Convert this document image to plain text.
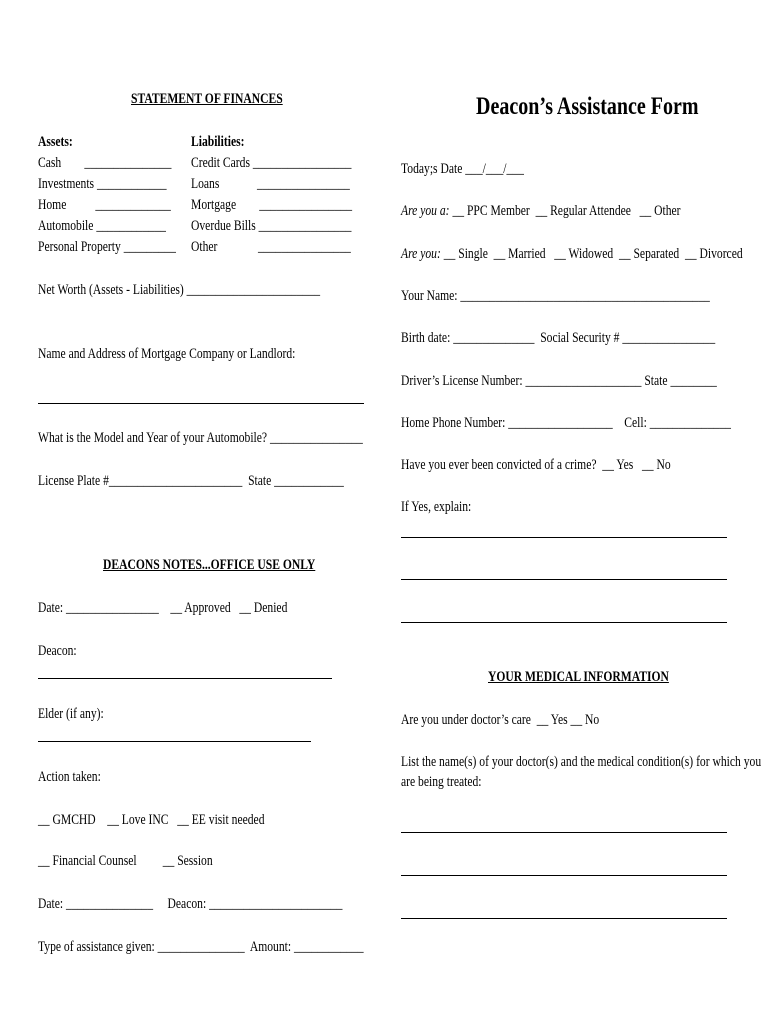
STATEMENT OF FINANCES
Assets:
Cash        _______________
Investments ____________
Home          _____________
Automobile ____________
Personal Property _________
Liabilities:
Credit Cards _________________
Loans             ________________
Mortgage        ________________
Overdue Bills ________________
Other              ________________
Net Worth (Assets - Liabilities) _______________________
Name and Address of Mortgage Company or Landlord:
What is the Model and Year of your Automobile? ________________
License Plate #_______________________  State ____________
DEACONS NOTES...OFFICE USE ONLY
Date: ________________    __ Approved   __ Denied
Deacon:
Elder (if any):
Action taken:
__ GMCHD    __ Love INC   __ EE visit needed
__ Financial Counsel         __ Session
Date: _______________     Deacon: _______________________
Type of assistance given: _______________  Amount: ____________
Deacon’s Assistance Form
Today;s Date ___/___/___
Are you a: __ PPC Member  __ Regular Attendee   __ Other
Are you: __ Single  __ Married   __ Widowed  __ Separated  __ Divorced
Your Name: ___________________________________________
Birth date: ______________  Social Security # ________________
Driver’s License Number: ____________________ State ________
Home Phone Number: __________________    Cell: ______________
Have you ever been convicted of a crime?  __ Yes   __ No
If Yes, explain:
YOUR MEDICAL INFORMATION
Are you under doctor’s care  __ Yes __ No
List the name(s) of your doctor(s) and the medical condition(s) for which you
are being treated:
